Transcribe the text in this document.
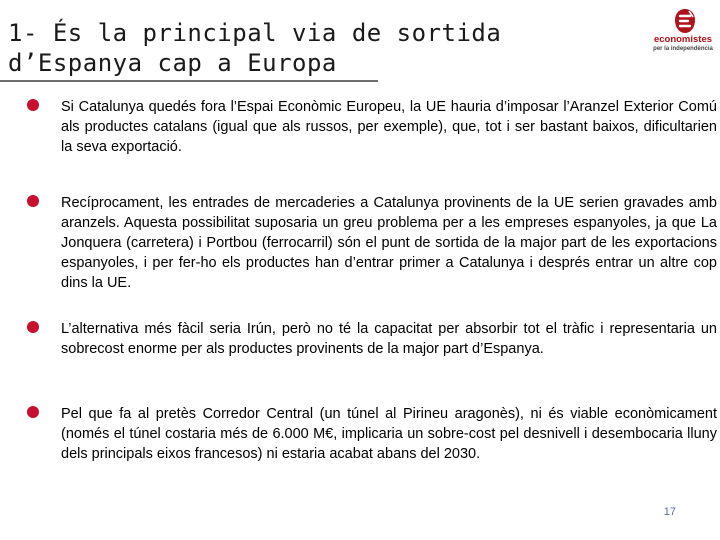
1- És la principal via de sortida
d’Espanya cap a Europa
economistes
per la independència
Si Catalunya quedés fora l’Espai Econòmic Europeu, la UE hauria d’imposar l’Aranzel Exterior Comú als productes catalans (igual que als russos, per exemple), que, tot i ser bastant baixos, dificultarien la seva exportació.
Recíprocament, les entrades de mercaderies a Catalunya provinents de la UE serien gravades amb aranzels. Aquesta possibilitat suposaria un greu problema per a les empreses espanyoles, ja que La Jonquera (carretera) i Portbou (ferrocarril) són el punt de sortida de la major part de les exportacions espanyoles, i per fer-ho els productes han d’entrar primer a Catalunya i després entrar un altre cop dins la UE.
L’alternativa més fàcil seria Irún, però no té la capacitat per absorbir tot el tràfic i representaria un sobrecost enorme per als productes provinents de la major part d’Espanya.
Pel que fa al pretès Corredor Central (un túnel al Pirineu aragonès), ni és viable econòmicament (només el túnel costaria més de 6.000 M€, implicaria un sobre-cost pel desnivell i desembocaria lluny dels principals eixos francesos) ni estaria acabat abans del 2030.
17
